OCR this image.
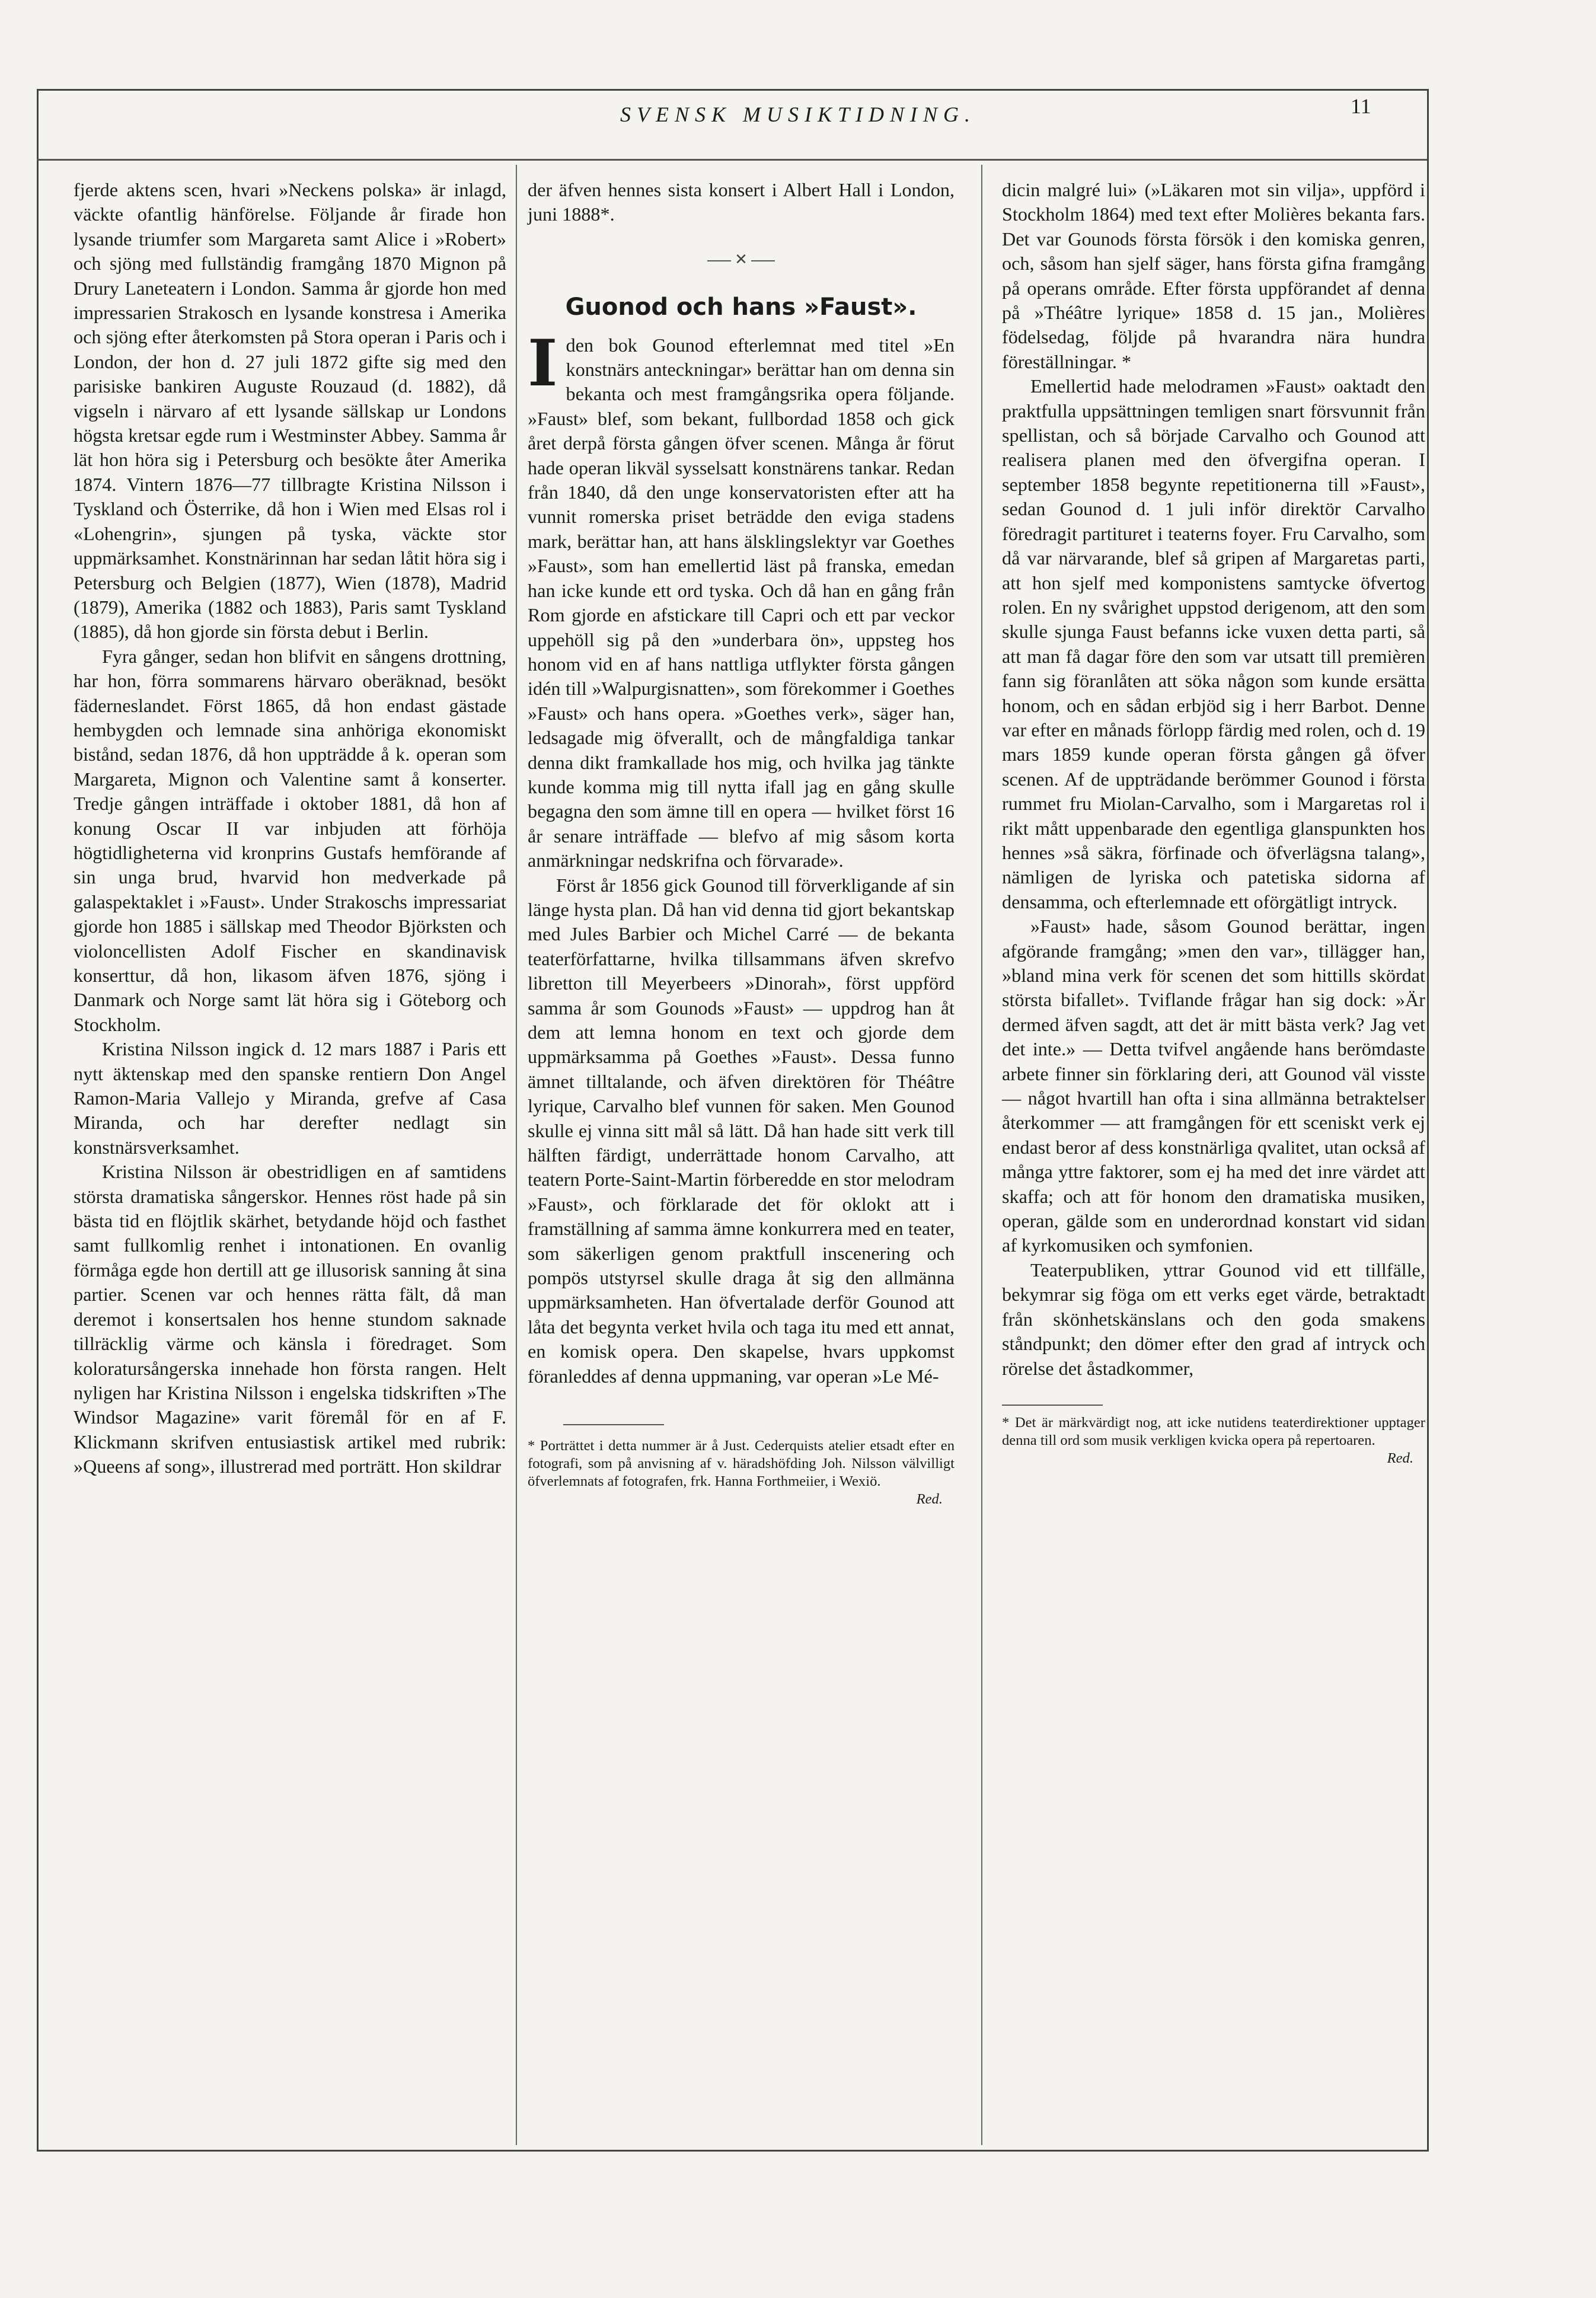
SVENSK MUSIKTIDNING.	11

fjerde aktens scen, hvari »Neckens polska» är inlagd, väckte ofantlig hänförelse. Följande år firade hon lysande triumfer som Margareta samt Alice i »Robert» och sjöng med fullständig framgång 1870 Mignon på Drury Laneteatern i London. Samma år gjorde hon med impressarien Strakosch en lysande konstresa i Amerika och sjöng efter återkomsten på Stora operan i Paris och i London, der hon d. 27 juli 1872 gifte sig med den parisiske bankiren Auguste Rouzaud (d. 1882), då vigseln i närvaro af ett lysande sällskap ur Londons högsta kretsar egde rum i Westminster Abbey. Samma år lät hon höra sig i Petersburg och besökte åter Amerika 1874. Vintern 1876—77 tillbragte Kristina Nilsson i Tyskland och Österrike, då hon i Wien med Elsas rol i «Lohengrin», sjungen på tyska, väckte stor uppmärksamhet. Konstnärinnan har sedan låtit höra sig i Petersburg och Belgien (1877), Wien (1878), Madrid (1879), Amerika (1882 och 1883), Paris samt Tyskland (1885), då hon gjorde sin första debut i Berlin.

Fyra gånger, sedan hon blifvit en sångens drottning, har hon, förra sommarens härvaro oberäknad, besökt fäderneslandet. Först 1865, då hon endast gästade hembygden och lemnade sina anhöriga ekonomiskt bistånd, sedan 1876, då hon uppträdde å k. operan som Margareta, Mignon och Valentine samt å konserter. Tredje gången inträffade i oktober 1881, då hon af konung Oscar II var inbjuden att förhöja högtidligheterna vid kronprins Gustafs hemförande af sin unga brud, hvarvid hon medverkade på galaspektaklet i »Faust». Under Strakoschs impressariat gjorde hon 1885 i sällskap med Theodor Björksten och violoncellisten Adolf Fischer en skandinavisk konserttur, då hon, likasom äfven 1876, sjöng i Danmark och Norge samt lät höra sig i Göteborg och Stockholm.

Kristina Nilsson ingick d. 12 mars 1887 i Paris ett nytt äktenskap med den spanske rentiern Don Angel Ramon-Maria Vallejo y Miranda, grefve af Casa Miranda, och har derefter nedlagt sin konstnärsverksamhet.

Kristina Nilsson är obestridligen en af samtidens största dramatiska sångerskor. Hennes röst hade på sin bästa tid en flöjtlik skärhet, betydande höjd och fasthet samt fullkomlig renhet i intonationen. En ovanlig förmåga egde hon dertill att ge illusorisk sanning åt sina partier. Scenen var och hennes rätta fält, då man deremot i konsertsalen hos henne stundom saknade tillräcklig värme och känsla i föredraget. Som koloratursångerska innehade hon första rangen. Helt nyligen har Kristina Nilsson i engelska tidskriften »The Windsor Magazine» varit föremål för en af F. Klickmann skrifven entusiastisk artikel med rubrik: »Queens af song», illustrerad med porträtt. Hon skildrar

der äfven hennes sista konsert i Albert Hall i London, juni 1888*.

✕
Guonod och hans »Faust».

Iden bok Gounod efterlemnat med titel »En konstnärs anteckningar» berättar han om denna sin bekanta och mest framgångsrika opera följande. »Faust» blef, som bekant, fullbordad 1858 och gick året derpå första gången öfver scenen. Många år förut hade operan likväl sysselsatt konstnärens tankar. Redan från 1840, då den unge konservatoristen efter att ha vunnit romerska priset beträdde den eviga stadens mark, berättar han, att hans älsklingslektyr var Goethes »Faust», som han emellertid läst på franska, emedan han icke kunde ett ord tyska. Och då han en gång från Rom gjorde en afstickare till Capri och ett par veckor uppehöll sig på den »underbara ön», uppsteg hos honom vid en af hans nattliga utflykter första gången idén till »Walpurgisnatten», som förekommer i Goethes »Faust» och hans opera. »Goethes verk», säger han, ledsagade mig öfverallt, och de mångfaldiga tankar denna dikt framkallade hos mig, och hvilka jag tänkte kunde komma mig till nytta ifall jag en gång skulle begagna den som ämne till en opera — hvilket först 16 år senare inträffade — blefvo af mig såsom korta anmärkningar nedskrifna och förvarade».

Först år 1856 gick Gounod till förverkligande af sin länge hysta plan. Då han vid denna tid gjort bekantskap med Jules Barbier och Michel Carré — de bekanta teaterförfattarne, hvilka tillsammans äfven skrefvo libretton till Meyerbeers »Dinorah», först uppförd samma år som Gounods »Faust» — uppdrog han åt dem att lemna honom en text och gjorde dem uppmärksamma på Goethes »Faust». Dessa funno ämnet tilltalande, och äfven direktören för Théâtre lyrique, Carvalho blef vunnen för saken. Men Gounod skulle ej vinna sitt mål så lätt. Då han hade sitt verk till hälften färdigt, underrättade honom Carvalho, att teatern Porte-Saint-Martin förberedde en stor melodram »Faust», och förklarade det för oklokt att i framställning af samma ämne konkurrera med en teater, som säkerligen genom praktfull inscenering och pompös utstyrsel skulle draga åt sig den allmänna uppmärksamheten. Han öfvertalade derför Gounod att låta det begynta verket hvila och taga itu med ett annat, en komisk opera. Den skapelse, hvars uppkomst föranleddes af denna uppmaning, var operan »Le Mé-

* Porträttet i detta nummer är å Just. Cederquists atelier etsadt efter en fotografi, som på anvisning af v. häradshöfding Joh. Nilsson välvilligt öfverlemnats af fotografen, frk. Hanna Forthmeiier, i Wexiö.
Red.

dicin malgré lui» (»Läkaren mot sin vilja», uppförd i Stockholm 1864) med text efter Molières bekanta fars. Det var Gounods första försök i den komiska genren, och, såsom han sjelf säger, hans första gifna framgång på operans område. Efter första uppförandet af denna på »Théâtre lyrique» 1858 d. 15 jan., Molières födelsedag, följde på hvarandra nära hundra föreställningar. *

Emellertid hade melodramen »Faust» oaktadt den praktfulla uppsättningen temligen snart försvunnit från spellistan, och så började Carvalho och Gounod att realisera planen med den öfvergifna operan. I september 1858 begynte repetitionerna till »Faust», sedan Gounod d. 1 juli inför direktör Carvalho föredragit partituret i teaterns foyer. Fru Carvalho, som då var närvarande, blef så gripen af Margaretas parti, att hon sjelf med komponistens samtycke öfvertog rolen. En ny svårighet uppstod derigenom, att den som skulle sjunga Faust befanns icke vuxen detta parti, så att man få dagar före den som var utsatt till premièren fann sig föranlåten att söka någon som kunde ersätta honom, och en sådan erbjöd sig i herr Barbot. Denne var efter en månads förlopp färdig med rolen, och d. 19 mars 1859 kunde operan första gången gå öfver scenen. Af de uppträdande berömmer Gounod i första rummet fru Miolan-Carvalho, som i Margaretas rol i rikt mått uppenbarade den egentliga glanspunkten hos hennes »så säkra, förfinade och öfverlägsna talang», nämligen de lyriska och patetiska sidorna af densamma, och efterlemnade ett oförgätligt intryck.

»Faust» hade, såsom Gounod berättar, ingen afgörande framgång; »men den var», tillägger han, »bland mina verk för scenen det som hittills skördat största bifallet». Tviflande frågar han sig dock: »Är dermed äfven sagdt, att det är mitt bästa verk? Jag vet det inte.» — Detta tvifvel angående hans berömdaste arbete finner sin förklaring deri, att Gounod väl visste — något hvartill han ofta i sina allmänna betraktelser återkommer — att framgången för ett sceniskt verk ej endast beror af dess konstnärliga qvalitet, utan också af många yttre faktorer, som ej ha med det inre värdet att skaffa; och att för honom den dramatiska musiken, operan, gälde som en underordnad konstart vid sidan af kyrkomusiken och symfonien.

Teaterpubliken, yttrar Gounod vid ett tillfälle, bekymrar sig föga om ett verks eget värde, betraktadt från skönhetskänslans och den goda smakens ståndpunkt; den dömer efter den grad af intryck och rörelse det åstadkommer,

* Det är märkvärdigt nog, att icke nutidens teaterdirektioner upptager denna till ord som musik verkligen kvicka opera på repertoaren.
Red.
